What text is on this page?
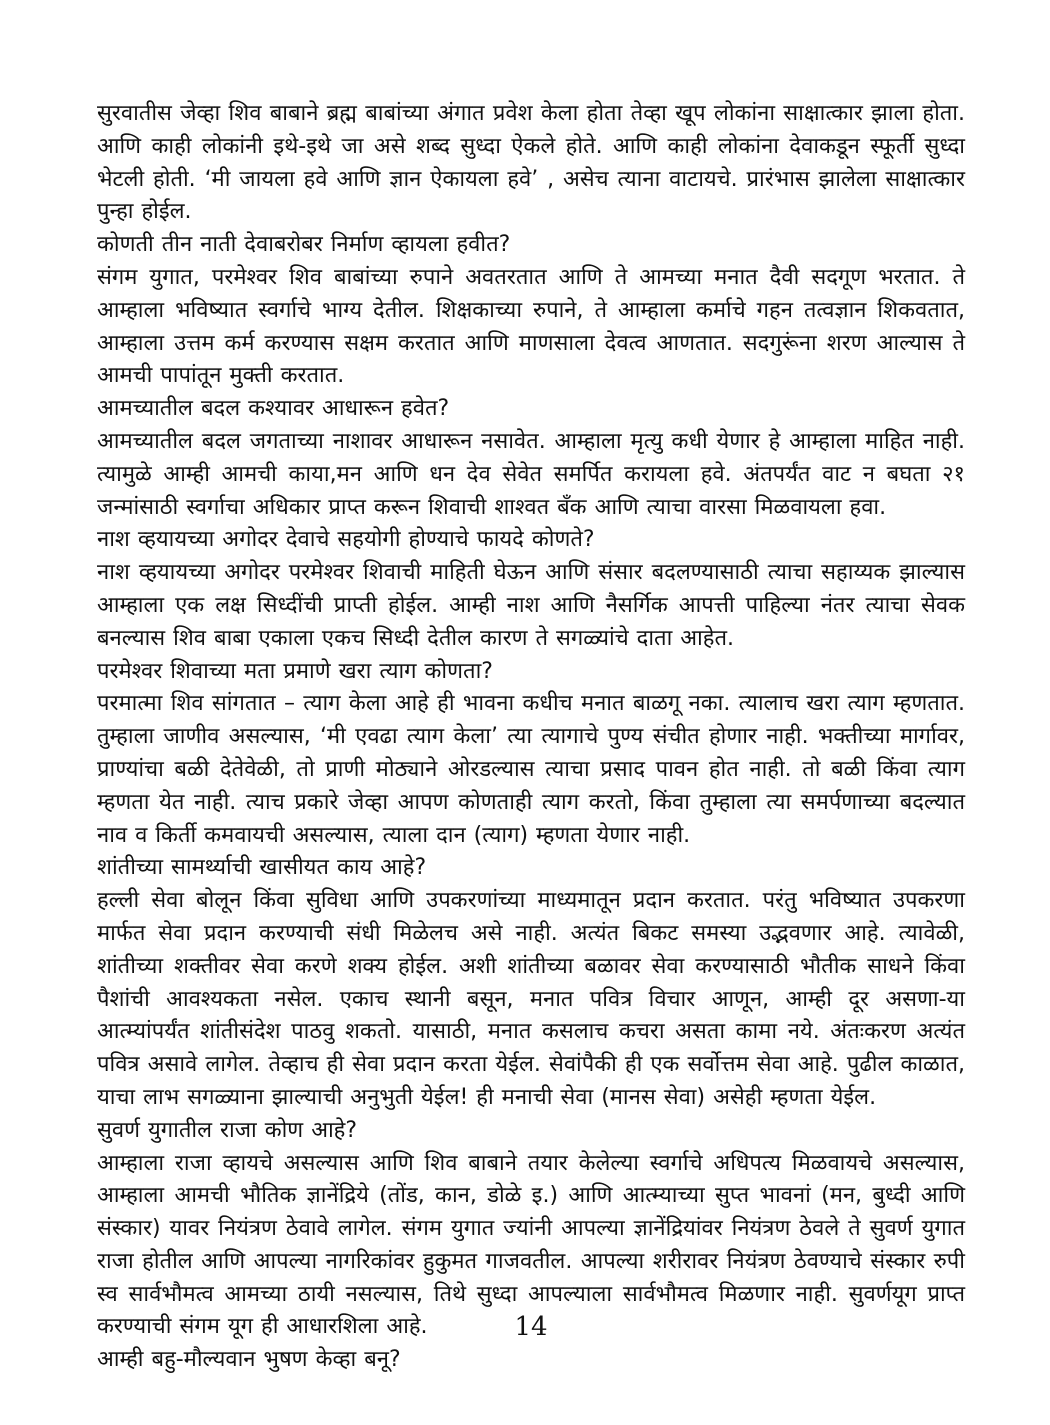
सुरवातीस जेव्हा शिव बाबाने ब्रह्म बाबांच्या अंगात प्रवेश केला होता तेव्हा खूप लोकांना साक्षात्कार झाला होता. आणि काही लोकांनी इथे-इथे जा असे शब्द सुध्दा ऐकले होते. आणि काही लोकांना देवाकडून स्फूर्ती सुध्दा भेटली होती. ‘मी जायला हवे आणि ज्ञान ऐकायला हवे’ , असेच त्याना वाटायचे. प्रारंभास झालेला साक्षात्कार पुन्हा होईल.

कोणती तीन नाती देवाबरोबर निर्माण व्हायला हवीत?

संगम युगात, परमेश्वर शिव बाबांच्या रुपाने अवतरतात आणि ते आमच्या मनात दैवी सदगूण भरतात. ते आम्हाला भविष्यात स्वर्गाचे भाग्य देतील. शिक्षकाच्या रुपाने, ते आम्हाला कर्माचे गहन तत्वज्ञान शिकवतात, आम्हाला उत्तम कर्म करण्यास सक्षम करतात आणि माणसाला देवत्व आणतात. सदगुरूंना शरण आल्यास ते आमची पापांतून मुक्ती करतात.

आमच्यातील बदल कश्यावर आधारून हवेत?

आमच्यातील बदल जगताच्या नाशावर आधारून नसावेत. आम्हाला मृत्यु कधी येणार हे आम्हाला माहित नाही. त्यामुळे आम्ही आमची काया,मन आणि धन देव सेवेत समर्पित करायला हवे. अंतपर्यंत वाट न बघता २१ जन्मांसाठी स्वर्गाचा अधिकार प्राप्त करून शिवाची शाश्वत बँक आणि त्याचा वारसा मिळवायला हवा.

नाश व्हयायच्या अगोदर देवाचे सहयोगी होण्याचे फायदे कोणते?

नाश व्हयायच्या अगोदर परमेश्वर शिवाची माहिती घेऊन आणि संसार बदलण्यासाठी त्याचा सहाय्यक झाल्यास आम्हाला एक लक्ष सिध्दींची प्राप्ती होईल. आम्ही नाश आणि नैसर्गिक आपत्ती पाहिल्या नंतर त्याचा सेवक बनल्यास शिव बाबा एकाला एकच सिध्दी देतील कारण ते सगळ्यांचे दाता आहेत.

परमेश्वर शिवाच्या मता प्रमाणे खरा त्याग कोणता?

परमात्मा शिव सांगतात – त्याग केला आहे ही भावना कधीच मनात बाळगू नका. त्यालाच खरा त्याग म्हणतात. तुम्हाला जाणीव असल्यास, ‘मी एवढा त्याग केला’ त्या त्यागाचे पुण्य संचीत होणार नाही. भक्तीच्या मार्गावर, प्राण्यांचा बळी देतेवेळी, तो प्राणी मोठ्याने ओरडल्यास त्याचा प्रसाद पावन होत नाही. तो बळी किंवा त्याग म्हणता येत नाही. त्याच प्रकारे जेव्हा आपण कोणताही त्याग करतो, किंवा तुम्हाला त्या समर्पणाच्या बदल्यात नाव व किर्ती कमवायची असल्यास, त्याला दान (त्याग) म्हणता येणार नाही.

शांतीच्या सामर्थ्याची खासीयत काय आहे?

हल्ली सेवा बोलून किंवा सुविधा आणि उपकरणांच्या माध्यमातून प्रदान करतात. परंतु भविष्यात उपकरणा मार्फत सेवा प्रदान करण्याची संधी मिळेलच असे नाही. अत्यंत बिकट समस्या उद्भवणार आहे. त्यावेळी, शांतीच्या शक्तीवर सेवा करणे शक्य होईल. अशी शांतीच्या बळावर सेवा करण्यासाठी भौतीक साधने किंवा पैशांची आवश्यकता नसेल. एकाच स्थानी बसून, मनात पवित्र विचार आणून, आम्ही दूर असणा-या आत्म्यांपर्यंत शांतीसंदेश पाठवु शकतो. यासाठी, मनात कसलाच कचरा असता कामा नये. अंतःकरण अत्यंत पवित्र असावे लागेल. तेव्हाच ही सेवा प्रदान करता येईल. सेवांपैकी ही एक सर्वोत्तम सेवा आहे. पुढील काळात, याचा लाभ सगळ्याना झाल्याची अनुभुती येईल! ही मनाची सेवा (मानस सेवा) असेही म्हणता येईल.

सुवर्ण युगातील राजा कोण आहे?

आम्हाला राजा व्हायचे असल्यास आणि शिव बाबाने तयार केलेल्या स्वर्गाचे अधिपत्य मिळवायचे असल्यास, आम्हाला आमची भौतिक ज्ञानेंद्रिये (तोंड, कान, डोळे इ.) आणि आत्म्याच्या सुप्त भावनां (मन, बुध्दी आणि संस्कार) यावर नियंत्रण ठेवावे लागेल. संगम युगात ज्यांनी आपल्या ज्ञानेंद्रियांवर नियंत्रण ठेवले ते सुवर्ण युगात राजा होतील आणि आपल्या नागरिकांवर हुकुमत गाजवतील. आपल्या शरीरावर नियंत्रण ठेवण्याचे संस्कार रुपी स्व सार्वभौमत्व आमच्या ठायी नसल्यास, तिथे सुध्दा आपल्याला सार्वभौमत्व मिळणार नाही. सुवर्णयूग प्राप्त करण्याची संगम यूग ही आधारशिला आहे.

आम्ही बहु-मौल्यवान भुषण केव्हा बनू?

14
